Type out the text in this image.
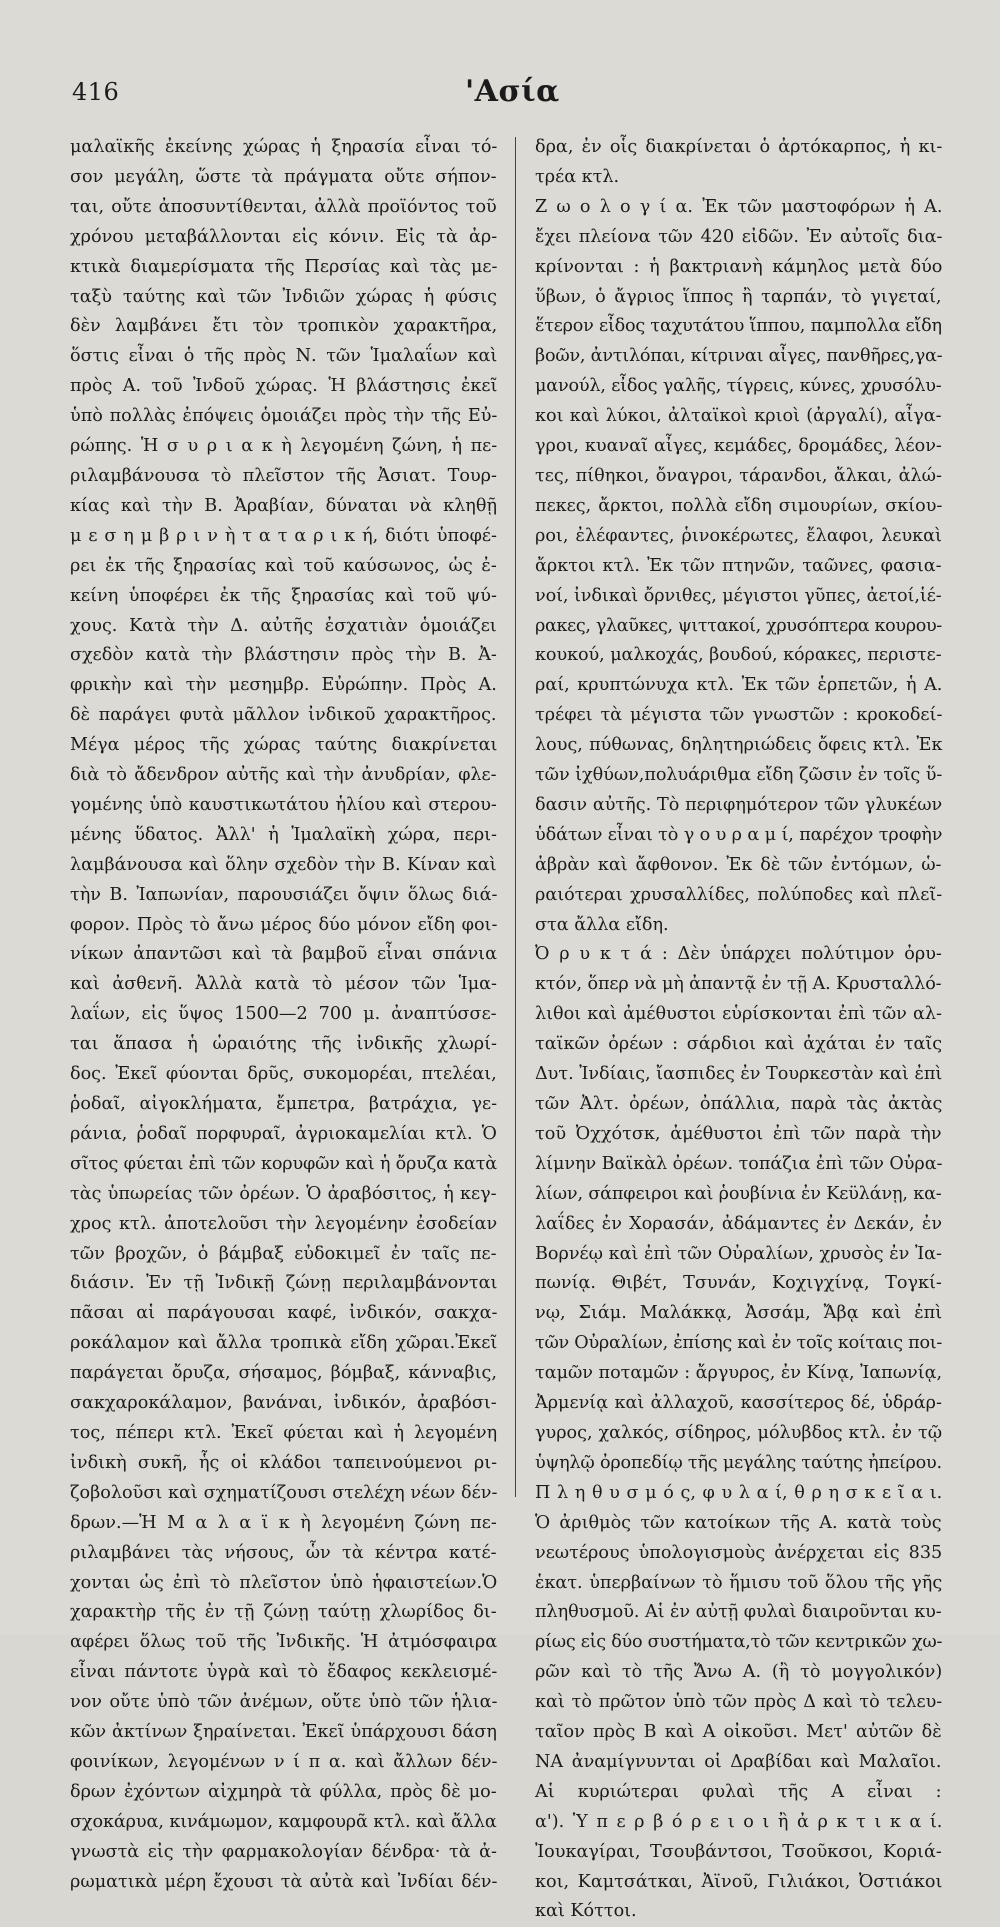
416	'Ασία
μαλαϊκῆς ἐκείνης χώρας ἡ ξηρασία εἶναι τό-
σον μεγάλη, ὥστε τὰ πράγματα οὔτε σήπον-
ται, οὔτε ἀποσυντίθενται, ἀλλὰ προϊόντος τοῦ
χρόνου μεταβάλλονται εἰς κόνιν. Εἰς τὰ ἀρ-
κτικὰ διαμερίσματα τῆς Περσίας καὶ τὰς με-
ταξὺ ταύτης καὶ τῶν Ἰνδιῶν χώρας ἡ φύσις
δὲν λαμβάνει ἔτι τὸν τροπικὸν χαρακτῆρα,
ὅστις εἶναι ὁ τῆς πρὸς Ν. τῶν Ἱμαλαΐων καὶ
πρὸς Α. τοῦ Ἰνδοῦ χώρας. Ἡ βλάστησις ἐκεῖ
ὑπὸ πολλὰς ἐπόψεις ὁμοιάζει πρὸς τὴν τῆς Εὐ-
ρώπης. Ἡ σ υ ρ ι α κ ὴ λεγομένη ζώνη, ἡ πε-
ριλαμβάνουσα τὸ πλεῖστον τῆς Ἀσιατ. Τουρ-
κίας καὶ τὴν Β. Ἀραβίαν, δύναται νὰ κληθῇ
μ ε σ η μ β ρ ι ν ὴ τ α τ α ρ ι κ ή, διότι ὑποφέ-
ρει ἐκ τῆς ξηρασίας καὶ τοῦ καύσωνος, ὡς ἐ-
κείνη ὑποφέρει ἐκ τῆς ξηρασίας καὶ τοῦ ψύ-
χους. Κατὰ τὴν Δ. αὐτῆς ἐσχατιὰν ὁμοιάζει
σχεδὸν κατὰ τὴν βλάστησιν πρὸς τὴν Β. Ἀ-
φρικὴν καὶ τὴν μεσημβρ. Εὐρώπην. Πρὸς Α.
δὲ παράγει φυτὰ μᾶλλον ἰνδικοῦ χαρακτῆρος.
Μέγα μέρος τῆς χώρας ταύτης διακρίνεται
διὰ τὸ ἄδενδρον αὐτῆς καὶ τὴν ἀνυδρίαν, φλε-
γομένης ὑπὸ καυστικωτάτου ἡλίου καὶ στερου-
μένης ὕδατος. Ἀλλ' ἡ Ἱμαλαϊκὴ χώρα, περι-
λαμβάνουσα καὶ ὅλην σχεδὸν τὴν Β. Κίναν καὶ
τὴν Β. Ἰαπωνίαν, παρουσιάζει ὄψιν ὅλως διά-
φορον. Πρὸς τὸ ἄνω μέρος δύο μόνον εἴδη φοι-
νίκων ἀπαντῶσι καὶ τὰ βαμβοῦ εἶναι σπάνια
καὶ ἀσθενῆ. Ἀλλὰ κατὰ τὸ μέσον τῶν Ἱμα-
λαΐων, εἰς ὕψος 1500—2 700 μ. ἀναπτύσσε-
ται ἅπασα ἡ ὡραιότης τῆς ἰνδικῆς χλωρί-
δος. Ἐκεῖ φύονται δρῦς, συκομορέαι, πτελέαι,
ῥοδαῖ, αἰγοκλήματα, ἔμπετρα, βατράχια, γε-
ράνια, ῥοδαῖ πορφυραῖ, ἀγριοκαμελίαι κτλ. Ὁ
σῖτος φύεται ἐπὶ τῶν κορυφῶν καὶ ἡ ὄρυζα κατὰ
τὰς ὑπωρείας τῶν ὀρέων. Ὁ ἀραβόσιτος, ἡ κεγ-
χρος κτλ. ἀποτελοῦσι τὴν λεγομένην ἐσοδείαν
τῶν βροχῶν, ὁ βάμβαξ εὐδοκιμεῖ ἐν ταῖς πε-
διάσιν. Ἐν τῇ Ἰνδικῇ ζώνῃ περιλαμβάνονται
πᾶσαι αἱ παράγουσαι καφέ, ἰνδικόν, σακχα-
ροκάλαμον καὶ ἄλλα τροπικὰ εἴδη χῶραι.Ἐκεῖ
παράγεται ὄρυζα, σήσαμος, βόμβαξ, κάνναβις,
σακχαροκάλαμον, βανάναι, ἰνδικόν, ἀραβόσι-
τος, πέπερι κτλ. Ἐκεῖ φύεται καὶ ἡ λεγομένη
ἰνδικὴ συκῆ, ἧς οἱ κλάδοι ταπεινούμενοι ρι-
ζοβολοῦσι καὶ σχηματίζουσι στελέχη νέων δέν-
δρων.—Ἡ Μ α λ α ϊ κ ὴ λεγομένη ζώνη πε-
ριλαμβάνει τὰς νήσους, ὧν τὰ κέντρα κατέ-
χονται ὡς ἐπὶ τὸ πλεῖστον ὑπὸ ἡφαιστείων.Ὁ
χαρακτὴρ τῆς ἐν τῇ ζώνῃ ταύτῃ χλωρίδος δι-
αφέρει ὅλως τοῦ τῆς Ἰνδικῆς. Ἡ ἀτμόσφαιρα
εἶναι πάντοτε ὑγρὰ καὶ τὸ ἔδαφος κεκλεισμέ-
νον οὔτε ὑπὸ τῶν ἀνέμων, οὔτε ὑπὸ τῶν ἡλια-
κῶν ἀκτίνων ξηραίνεται. Ἐκεῖ ὑπάρχουσι δάση
φοινίκων, λεγομένων ν ί π α. καὶ ἄλλων δέν-
δρων ἐχόντων αἰχμηρὰ τὰ φύλλα, πρὸς δὲ μο-
σχοκάρυα, κινάμωμον, καμφουρᾶ κτλ. καὶ ἄλλα
γνωστὰ εἰς τὴν φαρμακολογίαν δένδρα· τὰ ἀ-
ρωματικὰ μέρη ἔχουσι τὰ αὐτὰ καὶ Ἰνδίαι δέν-
δρα, ἐν οἷς διακρίνεται ὁ ἀρτόκαρπος, ἡ κι-
τρέα κτλ.
Ζ ω ο λ ο γ ί α. Ἐκ τῶν μαστοφόρων ἡ Α.
ἔχει πλείονα τῶν 420 εἰδῶν. Ἐν αὐτοῖς δια-
κρίνονται : ἡ βακτριανὴ κάμηλος μετὰ δύο
ὕβων, ὁ ἄγριος ἵππος ἢ ταρπάν, τὸ γιγεταί,
ἕτερον εἶδος ταχυτάτου ἵππου, παμπολλα εἴδη
βοῶν, ἀντιλόπαι, κίτριναι αἶγες, πανθῆρες,γα-
μανούλ, εἶδος γαλῆς, τίγρεις, κύνες, χρυσόλυ-
κοι καὶ λύκοι, ἀλταϊκοὶ κριοὶ (ἀργαλί), αἶγα-
γροι, κυαναῖ αἶγες, κεμάδες, δρομάδες, λέον-
τες, πίθηκοι, ὄναγροι, τάρανδοι, ἄλκαι, ἀλώ-
πεκες, ἄρκτοι, πολλὰ εἴδη σιμουρίων, σκίου-
ροι, ἐλέφαντες, ῥινοκέρωτες, ἔλαφοι, λευκαὶ
ἄρκτοι κτλ. Ἐκ τῶν πτηνῶν, ταῶνες, φασια-
νοί, ἰνδικαὶ ὄρνιθες, μέγιστοι γῦπες, ἀετοί,ἱέ-
ρακες, γλαῦκες, ψιττακοί, χρυσόπτερα κουρου-
κουκού, μαλκοχάς, βουδού, κόρακες, περιστε-
ραί, κρυπτώνυχα κτλ. Ἐκ τῶν ἑρπετῶν, ἡ Α.
τρέφει τὰ μέγιστα τῶν γνωστῶν : κροκοδεί-
λους, πύθωνας, δηλητηριώδεις ὄφεις κτλ. Ἐκ
τῶν ἰχθύων,πολυάριθμα εἴδη ζῶσιν ἐν τοῖς ὕ-
δασιν αὐτῆς. Τὸ περιφημότερον τῶν γλυκέων
ὑδάτων εἶναι τὸ γ ο υ ρ α μ ί, παρέχον τροφὴν
ἁβρὰν καὶ ἄφθονον. Ἐκ δὲ τῶν ἐντόμων, ὡ-
ραιότεραι χρυσαλλίδες, πολύποδες καὶ πλεῖ-
στα ἄλλα εἴδη.
Ὀ ρ υ κ τ ά : Δὲν ὑπάρχει πολύτιμον ὀρυ-
κτόν, ὅπερ νὰ μὴ ἀπαντᾷ ἐν τῇ Α. Κρυσταλλό-
λιθοι καὶ ἀμέθυστοι εὑρίσκονται ἐπὶ τῶν αλ-
ταϊκῶν ὀρέων : σάρδιοι καὶ ἀχάται ἐν ταῖς
Δυτ. Ἰνδίαις, ἴασπιδες ἐν Τουρκεστὰν καὶ ἐπὶ
τῶν Ἀλτ. ὀρέων, ὀπάλλια, παρὰ τὰς ἀκτὰς
τοῦ Ὀχχότσκ, ἀμέθυστοι ἐπὶ τῶν παρὰ τὴν
λίμνην Βαϊκὰλ ὀρέων. τοπάζια ἐπὶ τῶν Οὐρα-
λίων, σάπφειροι καὶ ῥουβίνια ἐν Κεϋλάνῃ, κα-
λαΐδες ἐν Χορασάν, ἀδάμαντες ἐν Δεκάν, ἐν
Βορνέῳ καὶ ἐπὶ τῶν Οὐραλίων, χρυσὸς ἐν Ἰα-
πωνίᾳ. Θιβέτ, Τσυνάν, Κοχιγχίνᾳ, Τογκί-
νῳ, Σιάμ. Μαλάκκᾳ, Ἀσσάμ, Ἄβᾳ καὶ ἐπὶ
τῶν Οὐραλίων, ἐπίσης καὶ ἐν τοῖς κοίταις ποι-
ταμῶν ποταμῶν : ἄργυρος, ἐν Κίνᾳ, Ἰαπωνίᾳ,
Ἀρμενίᾳ καὶ ἀλλαχοῦ, κασσίτερος δέ, ὑδράρ-
γυρος, χαλκός, σίδηρος, μόλυβδος κτλ. ἐν τῷ
ὑψηλῷ ὀροπεδίῳ τῆς μεγάλης ταύτης ἠπείρου.
Π λ η θ υ σ μ ό ς, φ υ λ α ί, θ ρ η σ κ ε ῖ α ι.
Ὁ ἀριθμὸς τῶν κατοίκων τῆς Α. κατὰ τοὺς
νεωτέρους ὑπολογισμοὺς ἀνέρχεται εἰς 835
ἑκατ. ὑπερβαίνων τὸ ἥμισυ τοῦ ὅλου τῆς γῆς
πληθυσμοῦ. Αἱ ἐν αὐτῇ φυλαὶ διαιροῦνται κυ-
ρίως εἰς δύο συστήματα,τὸ τῶν κεντρικῶν χω-
ρῶν καὶ τὸ τῆς Ἄνω Α. (ἢ τὸ μογγολικόν)
καὶ τὸ πρῶτον ὑπὸ τῶν πρὸς Δ καὶ τὸ τελευ-
ταῖον πρὸς Β καὶ Α οἰκοῦσι. Μετ' αὐτῶν δὲ
ΝΑ ἀναμίγνυνται οἱ Δραβίδαι καὶ Μαλαῖοι.
Αἱ κυριώτεραι φυλαὶ τῆς Α εἶναι :
α'). Ὑ π ε ρ β ό ρ ε ι ο ι ἢ ἀ ρ κ τ ι κ α ί.
Ἰουκαγίραι, Τσουβάντσοι, Τσοῦκσοι, Κοριά-
κοι, Καμτσάτκαι, Ἀϊνοῦ, Γιλιάκοι, Ὀστιάκοι
καὶ Κόττοι.
